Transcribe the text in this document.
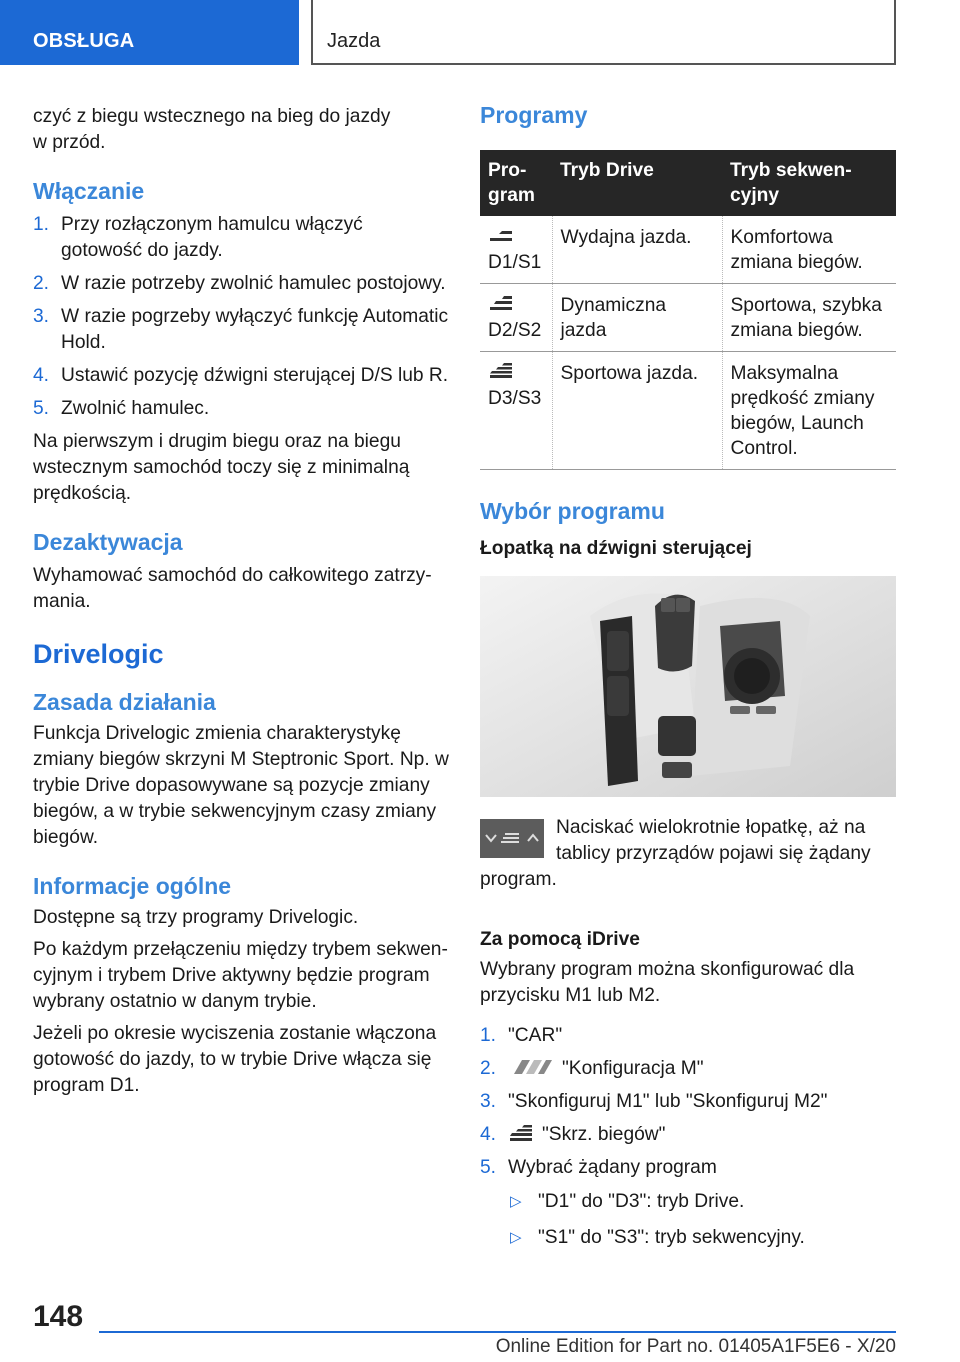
OBSŁUGA	Jazda

czyć z biegu wstecznego na bieg do jazdy w przód.

Włączanie
1. Przy rozłączonym hamulcu włączyć gotowość do jazdy.
2. W razie potrzeby zwolnić hamulec postojowy.
3. W razie pogrzeby wyłączyć funkcję Automatic Hold.
4. Ustawić pozycję dźwigni sterującej D/S lub R.
5. Zwolnić hamulec.

Na pierwszym i drugim biegu oraz na biegu wstecznym samochód toczy się z minimalną prędkością.

Dezaktywacja

Wyhamować samochód do całkowitego zatrzymania.

Drivelogic
Zasada działania

Funkcja Drivelogic zmienia charakterystykę zmiany biegów skrzyni M Steptronic Sport. Np. w trybie Drive dopasowywane są pozycje zmiany biegów, a w trybie sekwencyjnym czasy zmiany biegów.

Informacje ogólne

Dostępne są trzy programy Drivelogic.

Po każdym przełączeniu między trybem sekwencyjnym i trybem Drive aktywny będzie program wybrany ostatnio w danym trybie.

Jeżeli po okresie wyciszenia zostanie włączona gotowość do jazdy, to w trybie Drive włącza się program D1.

Programy
Program	Tryb Drive	Tryb sekwencyjny

D1/S1	Wydajna jazda.	Komfortowa zmiana biegów.

D2/S2	Dynamiczna jazda	Sportowa, szybka zmiana biegów.

D3/S3	Sportowa jazda.	Maksymalna prędkość zmiany biegów, Launch Control.
Wybór programu
Łopatką na dźwigni sterującej

Naciskać wielokrotnie łopatkę, aż na tablicy przyrządów pojawi się żądany program.

Za pomocą iDrive

Wybrany program można skonfigurować dla przycisku M1 lub M2.

1. "CAR"
2.	"Konfiguracja M"
3. "Skonfiguruj M1" lub "Skonfiguruj M2"
4. "Skrz. biegów"
5. Wybrać żądany program
▷ "D1" do "D3": tryb Drive.
▷ "S1" do "S3": tryb sekwencyjny.
148
Online Edition for Part no. 01405A1F5E6 - X/20
